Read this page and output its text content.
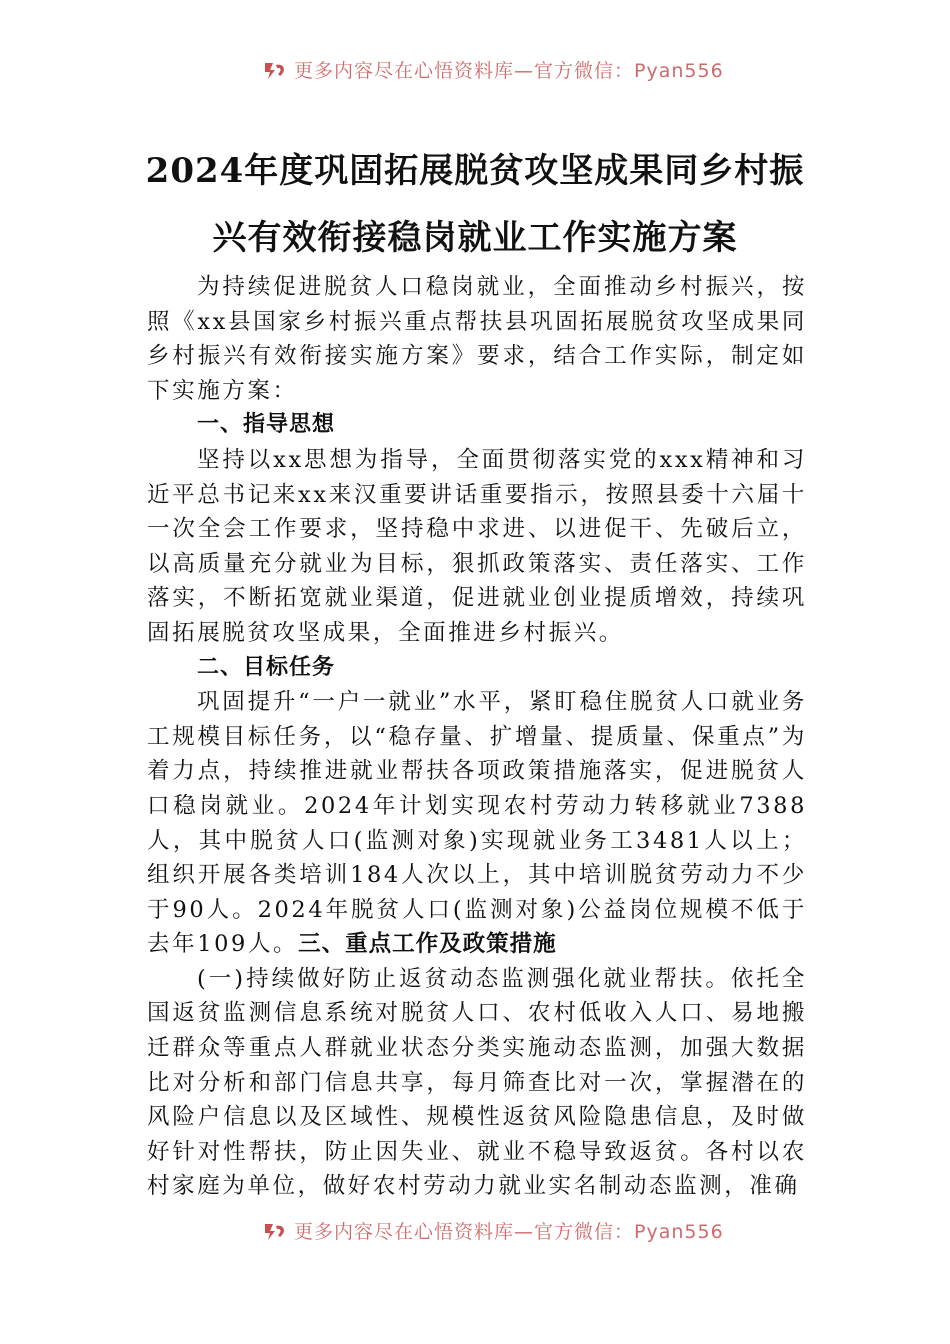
更多内容尽在心悟资料库—官方微信：Pyan556
2024年度巩固拓展脱贫攻坚成果同乡村振
兴有效衔接稳岗就业工作实施方案

为持续促进脱贫人口稳岗就业，全面推动乡村振兴，按照《xx县国家乡村振兴重点帮扶县巩固拓展脱贫攻坚成果同乡村振兴有效衔接实施方案》要求，结合工作实际，制定如下实施方案：

一、指导思想

坚持以xx思想为指导，全面贯彻落实党的xxx精神和习近平总书记来xx来汉重要讲话重要指示，按照县委十六届十一次全会工作要求，坚持稳中求进、以进促干、先破后立，以高质量充分就业为目标，狠抓政策落实、责任落实、工作落实，不断拓宽就业渠道，促进就业创业提质增效，持续巩固拓展脱贫攻坚成果，全面推进乡村振兴。

二、目标任务

巩固提升“一户一就业”水平，紧盯稳住脱贫人口就业务工规模目标任务，以“稳存量、扩增量、提质量、保重点”为着力点，持续推进就业帮扶各项政策措施落实，促进脱贫人口稳岗就业。2024年计划实现农村劳动力转移就业7388人，其中脱贫人口(监测对象)实现就业务工3481人以上；组织开展各类培训184人次以上，其中培训脱贫劳动力不少于90人。2024年脱贫人口(监测对象)公益岗位规模不低于去年109人。三、重点工作及政策措施

(一)持续做好防止返贫动态监测强化就业帮扶。依托全国返贫监测信息系统对脱贫人口、农村低收入人口、易地搬迁群众等重点人群就业状态分类实施动态监测，加强大数据比对分析和部门信息共享，每月筛查比对一次，掌握潜在的风险户信息以及区域性、规模性返贫风险隐患信息，及时做好针对性帮扶，防止因失业、就业不稳导致返贫。各村以农村家庭为单位，做好农村劳动力就业实名制动态监测，准确

更多内容尽在心悟资料库—官方微信：Pyan556
